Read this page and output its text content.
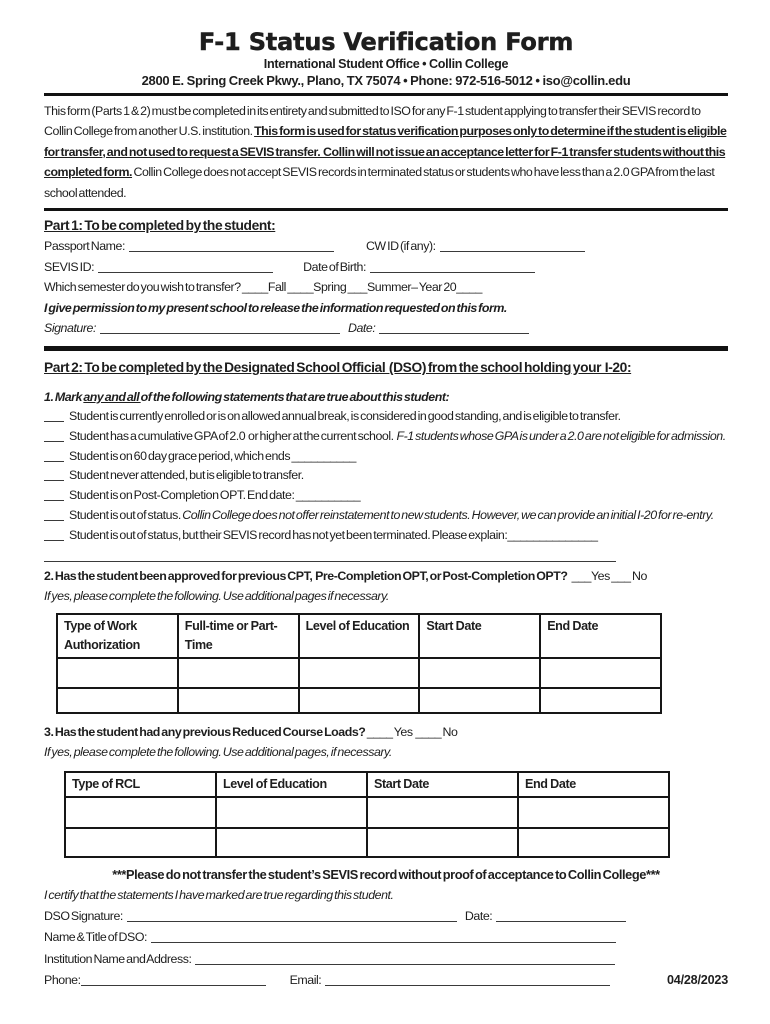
F-1 Status Verification Form
International Student Office • Collin College
2800 E. Spring Creek Pkwy., Plano, TX 75074 • Phone: 972-516-5012 • iso@collin.edu
This form (Parts 1 & 2) must be completed in its entirety and submitted to ISO for any F-1 student applying to transfer their SEVIS record to Collin College from another U.S. institution. This form is used for status verification purposes only to determine if the student is eligible for transfer, and not used to request a SEVIS transfer.  Collin will not issue an acceptance letter for F-1 transfer students without this completed form. Collin College does not accept SEVIS records in terminated status or students who have less than a 2.0 GPA from the last school attended.
Part 1: To be completed by the student:
Passport Name:	CW ID (if any):
SEVIS ID:	Date of Birth:
Which semester do you wish to transfer? ____Fall ____Spring ___Summer– Year 20____
I give permission to my present school to release the information requested on this form.
Signature:	Date:
Part 2: To be completed by the Designated School Official  (DSO) from the school holding your  I-20:
1. Mark any and all of the following statements that are true about this student:
Student is currently enrolled or is on allowed annual break, is considered in good standing, and is eligible to transfer.
Student has a cumulative GPA of 2.0  or higher at the current school.  F-1 students whose GPA is under a 2.0 are not eligible for admission.
Student is on 60 day grace period, which ends __________
Student never attended, but is eligible to transfer.
Student is on Post-Completion OPT. End date: __________
Student is out of status. Collin College does not offer reinstatement to new students. However, we can provide an initial I-20 for re-entry.
Student is out of status, but their SEVIS record has not yet been terminated. Please explain:______________
2. Has the student been approved for previous CPT,  Pre-Completion OPT, or Post-Completion OPT?   ___Yes ___ No
If yes, please complete the following. Use additional pages if necessary.
Type of Work Authorization	Full-time or Part-Time	Level of Education	Start Date	End Date

3. Has the student had any previous Reduced Course Loads? ____ Yes  ____ No
If yes, please complete the following. Use additional pages, if necessary.
Type of RCL	Level of Education	Start Date	End Date

***Please do not transfer the student’s SEVIS record without proof of acceptance to Collin College***
I certify that the statements I have marked are true regarding this student.
DSO Signature:	Date:
Name & Title of DSO:
Institution Name and Address:
Phone:	Email:	04/28/2023
